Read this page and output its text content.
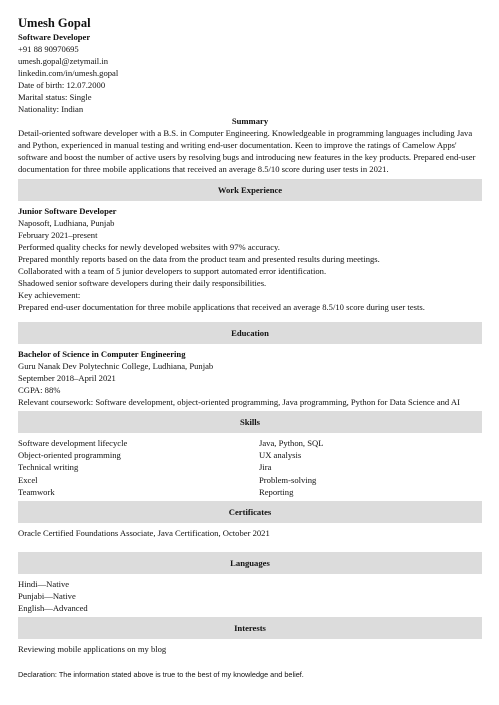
Umesh Gopal

Software Developer

+91 88 90970695

umesh.gopal@zetymail.in

linkedin.com/in/umesh.gopal

Date of birth: 12.07.2000

Marital status: Single

Nationality: Indian

Summary

Detail-oriented software developer with a B.S. in Computer Engineering. Knowledgeable in programming languages including Java and Python, experienced in manual testing and writing end-user documentation. Keen to improve the ratings of Camelow Apps' software and boost the number of active users by resolving bugs and introducing new features in the key products. Prepared end-user documentation for three mobile applications that received an average 8.5/10 score during user tests in 2021.

Work Experience

Junior Software Developer

Naposoft, Ludhiana, Punjab

February 2021–present

Performed quality checks for newly developed websites with 97% accuracy.

Prepared monthly reports based on the data from the product team and presented results during meetings.

Collaborated with a team of 5 junior developers to support automated error identification.

Shadowed senior software developers during their daily responsibilities.

Key achievement:

Prepared end-user documentation for three mobile applications that received an average 8.5/10 score during user tests.

Education

Bachelor of Science in Computer Engineering

Guru Nanak Dev Polytechnic College, Ludhiana, Punjab

September 2018–April 2021

CGPA: 88%

Relevant coursework: Software development, object-oriented programming, Java programming, Python for Data Science and AI

Skills
Software development lifecycle	Java, Python, SQL
Object-oriented programming	UX analysis
Technical writing	Jira
Excel	Problem-solving
Teamwork	Reporting
Certificates

Oracle Certified Foundations Associate, Java Certification, October 2021

Languages

Hindi—Native

Punjabi—Native

English—Advanced

Interests

Reviewing mobile applications on my blog

Declaration: The information stated above is true to the best of my knowledge and belief.
